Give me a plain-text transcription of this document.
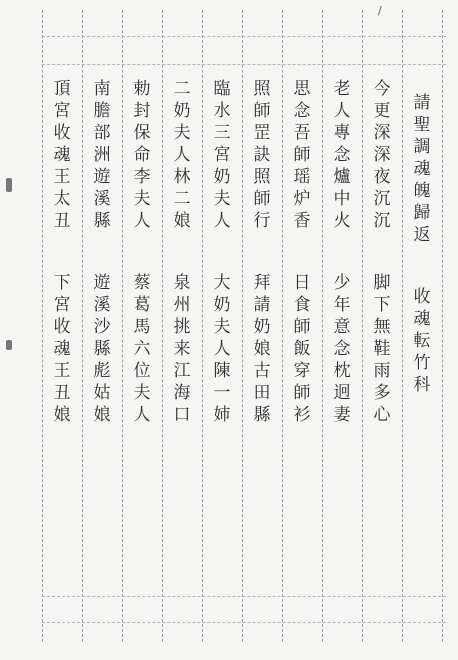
/
請
聖
調
魂
魄
歸
返
收
魂
転
竹
科
今
更
深
深
夜
沉
沉
脚
下
無
鞋
雨
多
心
老
人
專
念
爐
中
火
少
年
意
念
枕
迥
妻
思
念
吾
師
瑶
炉
香
日
食
師
飯
穿
師
衫
照
師
罡
訣
照
師
行
拜
請
奶
娘
古
田
縣
臨
水
三
宮
奶
夫
人
大
奶
夫
人
陳
一
姉
二
奶
夫
人
林
二
娘
泉
州
挑
来
江
海
口
勅
封
保
命
李
夫
人
蔡
葛
馬
六
位
夫
人
南
膽
部
洲
遊
溪
縣
遊
溪
沙
縣
彪
姑
娘
頂
宮
收
魂
王
太
丑
下
宮
收
魂
王
丑
娘
